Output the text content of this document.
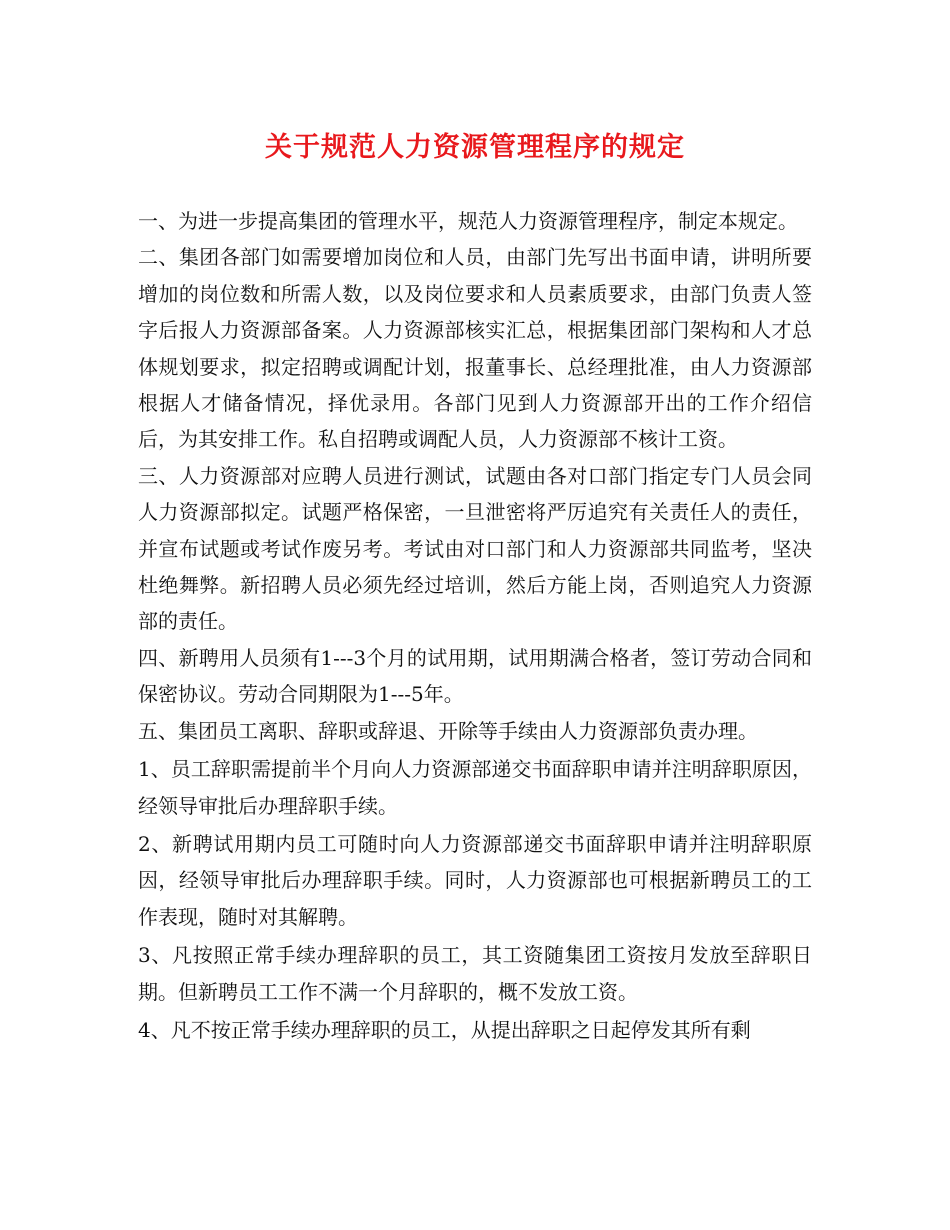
关于规范人力资源管理程序的规定

一、为进一步提高集团的管理水平，规范人力资源管理程序，制定本规定。

二、集团各部门如需要增加岗位和人员，由部门先写出书面申请，讲明所要增加的岗位数和所需人数，以及岗位要求和人员素质要求，由部门负责人签字后报人力资源部备案。人力资源部核实汇总，根据集团部门架构和人才总体规划要求，拟定招聘或调配计划，报董事长、总经理批准，由人力资源部根据人才储备情况，择优录用。各部门见到人力资源部开出的工作介绍信后，为其安排工作。私自招聘或调配人员，人力资源部不核计工资。

三、人力资源部对应聘人员进行测试，试题由各对口部门指定专门人员会同人力资源部拟定。试题严格保密，一旦泄密将严厉追究有关责任人的责任，并宣布试题或考试作废另考。考试由对口部门和人力资源部共同监考，坚决杜绝舞弊。新招聘人员必须先经过培训，然后方能上岗，否则追究人力资源部的责任。

四、新聘用人员须有1---3个月的试用期，试用期满合格者，签订劳动合同和保密协议。劳动合同期限为1---5年。

五、集团员工离职、辞职或辞退、开除等手续由人力资源部负责办理。

1、员工辞职需提前半个月向人力资源部递交书面辞职申请并注明辞职原因，经领导审批后办理辞职手续。

2、新聘试用期内员工可随时向人力资源部递交书面辞职申请并注明辞职原因，经领导审批后办理辞职手续。同时，人力资源部也可根据新聘员工的工作表现，随时对其解聘。

3、凡按照正常手续办理辞职的员工，其工资随集团工资按月发放至辞职日期。但新聘员工工作不满一个月辞职的，概不发放工资。

4、凡不按正常手续办理辞职的员工，从提出辞职之日起停发其所有剩
